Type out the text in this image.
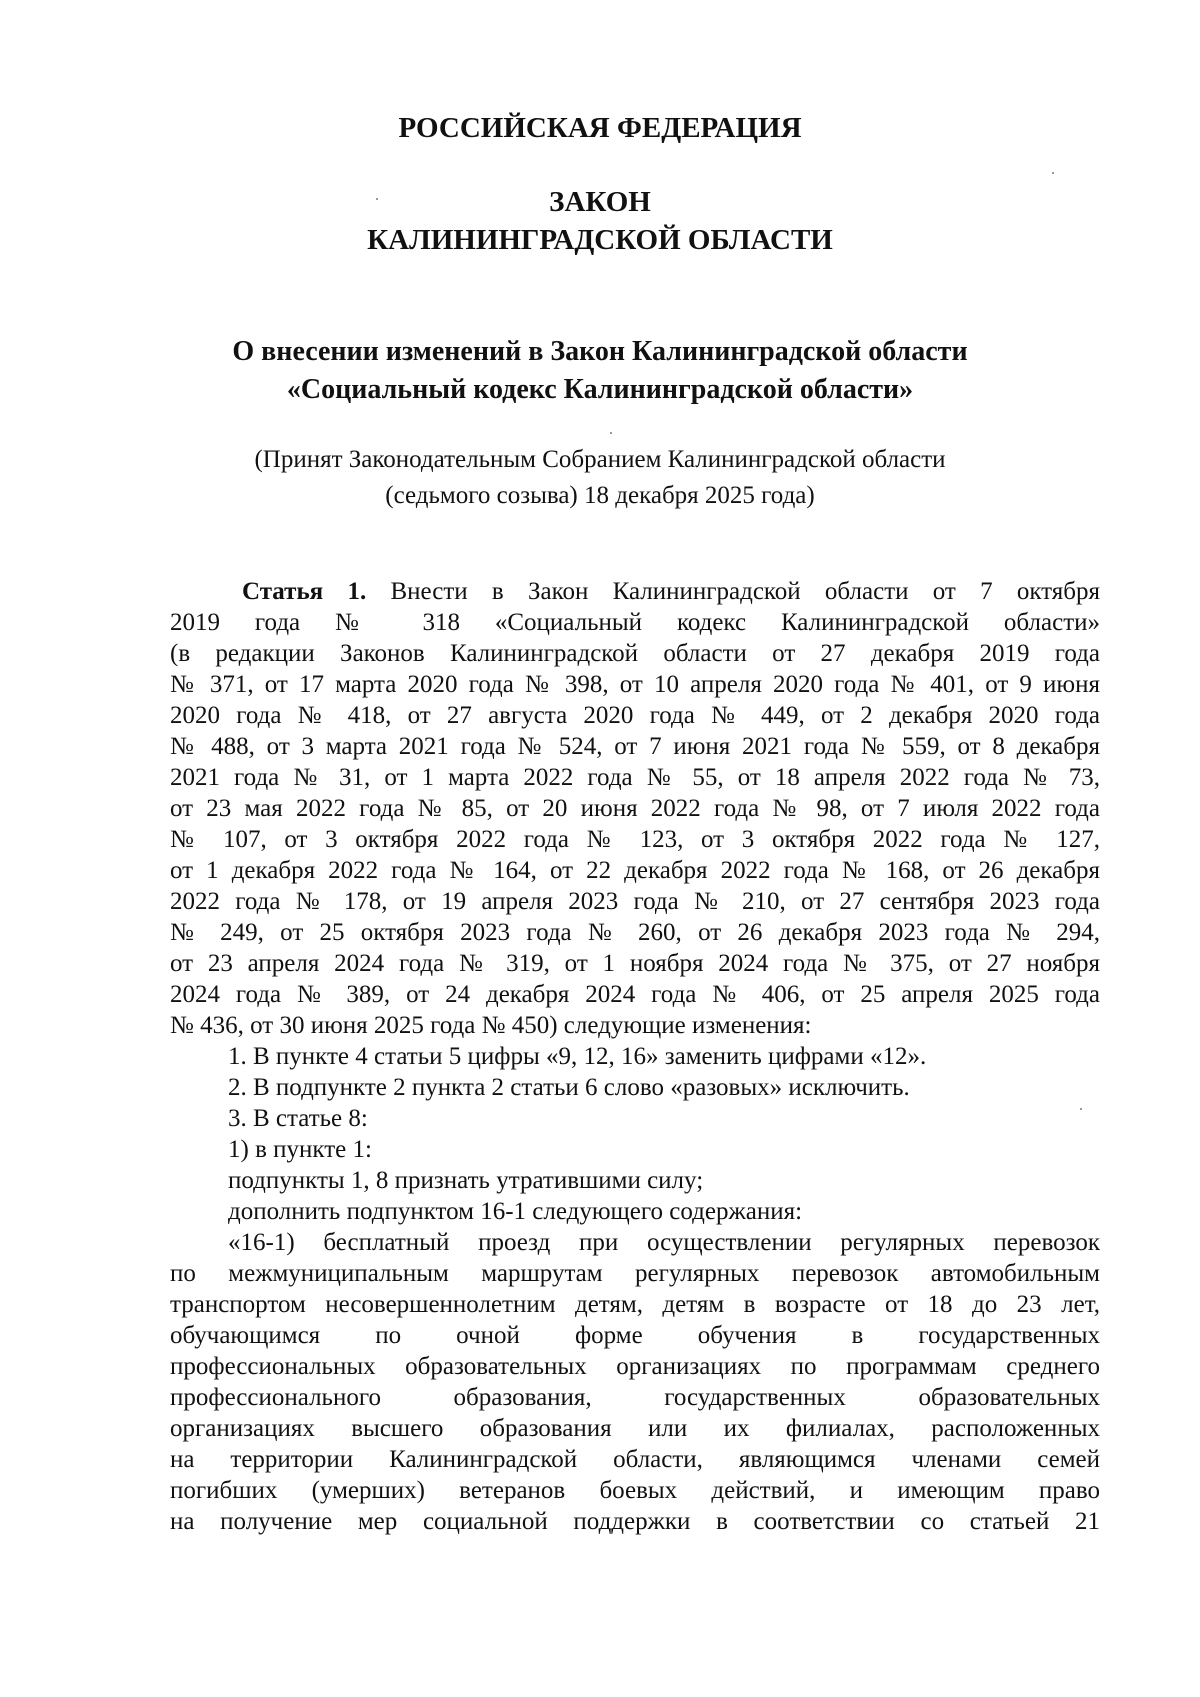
РОССИЙСКАЯ ФЕДЕРАЦИЯ
ЗАКОН
КАЛИНИНГРАДСКОЙ ОБЛАСТИ
О внесении изменений в Закон Калининградской области
«Социальный кодекс Калининградской области»
(Принят Законодательным Собранием Калининградской области
(седьмого созыва) 18 декабря 2025 года)
Статья 1. Внести в Закон Калининградской области от 7 октября
2019 года № 318 «Социальный кодекс Калининградской области»
(в редакции Законов Калининградской области от 27 декабря 2019 года
№ 371, от 17 марта 2020 года № 398, от 10 апреля 2020 года № 401, от 9 июня
2020 года № 418, от 27 августа 2020 года № 449, от 2 декабря 2020 года
№ 488, от 3 марта 2021 года № 524, от 7 июня 2021 года № 559, от 8 декабря
2021 года № 31, от 1 марта 2022 года № 55, от 18 апреля 2022 года № 73,
от 23 мая 2022 года № 85, от 20 июня 2022 года № 98, от 7 июля 2022 года
№ 107, от 3 октября 2022 года № 123, от 3 октября 2022 года № 127,
от 1 декабря 2022 года № 164, от 22 декабря 2022 года № 168, от 26 декабря
2022 года № 178, от 19 апреля 2023 года № 210, от 27 сентября 2023 года
№ 249, от 25 октября 2023 года № 260, от 26 декабря 2023 года № 294,
от 23 апреля 2024 года № 319, от 1 ноября 2024 года № 375, от 27 ноября
2024 года № 389, от 24 декабря 2024 года № 406, от 25 апреля 2025 года
№ 436, от 30 июня 2025 года № 450) следующие изменения:
1. В пункте 4 статьи 5 цифры «9, 12, 16» заменить цифрами «12».
2. В подпункте 2 пункта 2 статьи 6 слово «разовых» исключить.
3. В статье 8:
1) в пункте 1:
подпункты 1, 8 признать утратившими силу;
дополнить подпунктом 16-1 следующего содержания:
«16-1) бесплатный проезд при осуществлении регулярных перевозок
по межмуниципальным маршрутам регулярных перевозок автомобильным
транспортом несовершеннолетним детям, детям в возрасте от 18 до 23 лет,
обучающимся по очной форме обучения в государственных
профессиональных образовательных организациях по программам среднего
профессионального образования, государственных образовательных
организациях высшего образования или их филиалах, расположенных
на территории Калининградской области, являющимся членами семей
погибших (умерших) ветеранов боевых действий, и имеющим право
на получение мер социальной поддержки в соответствии со статьей 21
